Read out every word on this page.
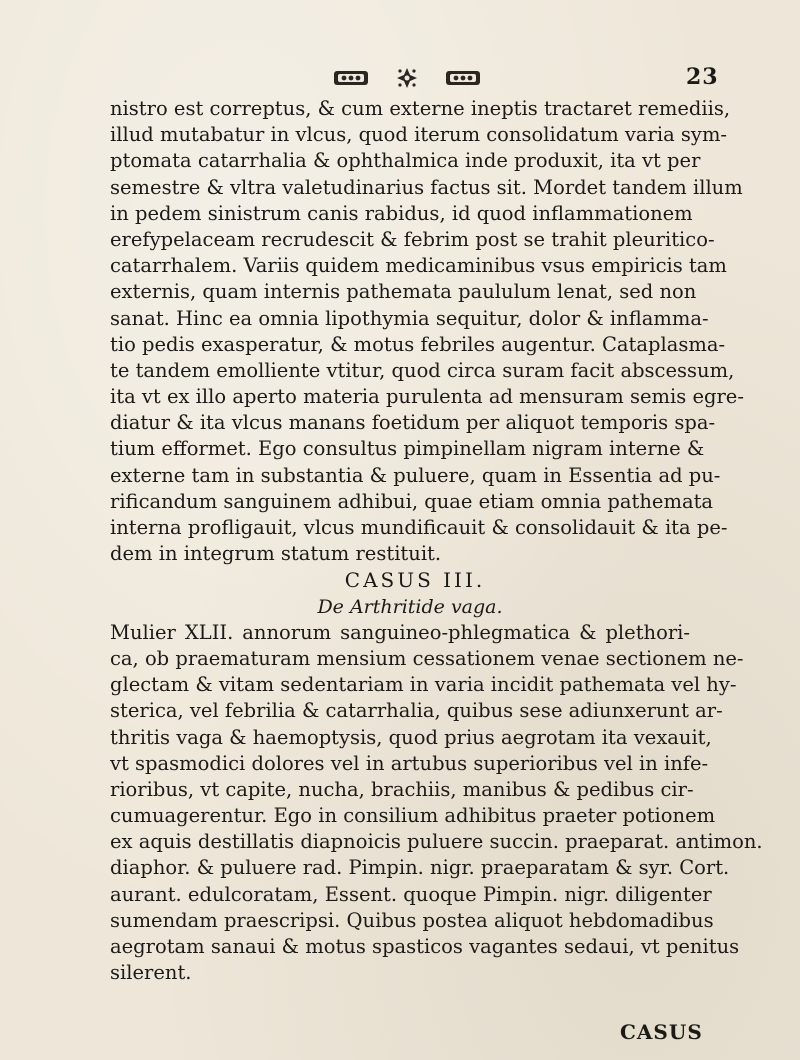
23
nistro est correptus, & cum externe ineptis tractaret remediis,
illud mutabatur in vlcus, quod iterum consolidatum varia sym-
ptomata catarrhalia & ophthalmica inde produxit, ita vt per
semestre & vltra valetudinarius factus sit. Mordet tandem illum
in pedem sinistrum canis rabidus, id quod inflammationem
erefypelaceam recrudescit & febrim post se trahit pleuritico-
catarrhalem. Variis quidem medicaminibus vsus empiricis tam
externis, quam internis pathemata paululum lenat, sed non
sanat. Hinc ea omnia lipothymia sequitur, dolor & inflamma-
tio pedis exasperatur, & motus febriles augentur. Cataplasma-
te tandem emolliente vtitur, quod circa suram facit abscessum,
ita vt ex illo aperto materia purulenta ad mensuram semis egre-
diatur & ita vlcus manans foetidum per aliquot temporis spa-
tium efformet. Ego consultus pimpinellam nigram interne &
externe tam in substantia & puluere, quam in Essentia ad pu-
rificandum sanguinem adhibui, quae etiam omnia pathemata
interna profligauit, vlcus mundificauit & consolidauit & ita pe-
dem in integrum statum restituit.
CASUS III.
De Arthritide vaga.
Mulier XLII. annorum sanguineo-phlegmatica & plethori-
ca, ob praematuram mensium cessationem venae sectionem ne-
glectam & vitam sedentariam in varia incidit pathemata vel hy-
sterica, vel febrilia & catarrhalia, quibus sese adiunxerunt ar-
thritis vaga & haemoptysis, quod prius aegrotam ita vexauit,
vt spasmodici dolores vel in artubus superioribus vel in infe-
rioribus, vt capite, nucha, brachiis, manibus & pedibus cir-
cumuagerentur. Ego in consilium adhibitus praeter potionem
ex aquis destillatis diapnoicis puluere succin. praeparat. antimon.
diaphor. & puluere rad. Pimpin. nigr. praeparatam & syr. Cort.
aurant. edulcoratam, Essent. quoque Pimpin. nigr. diligenter
sumendam praescripsi. Quibus postea aliquot hebdomadibus
aegrotam sanaui & motus spasticos vagantes sedaui, vt penitus
silerent.
CASUS
